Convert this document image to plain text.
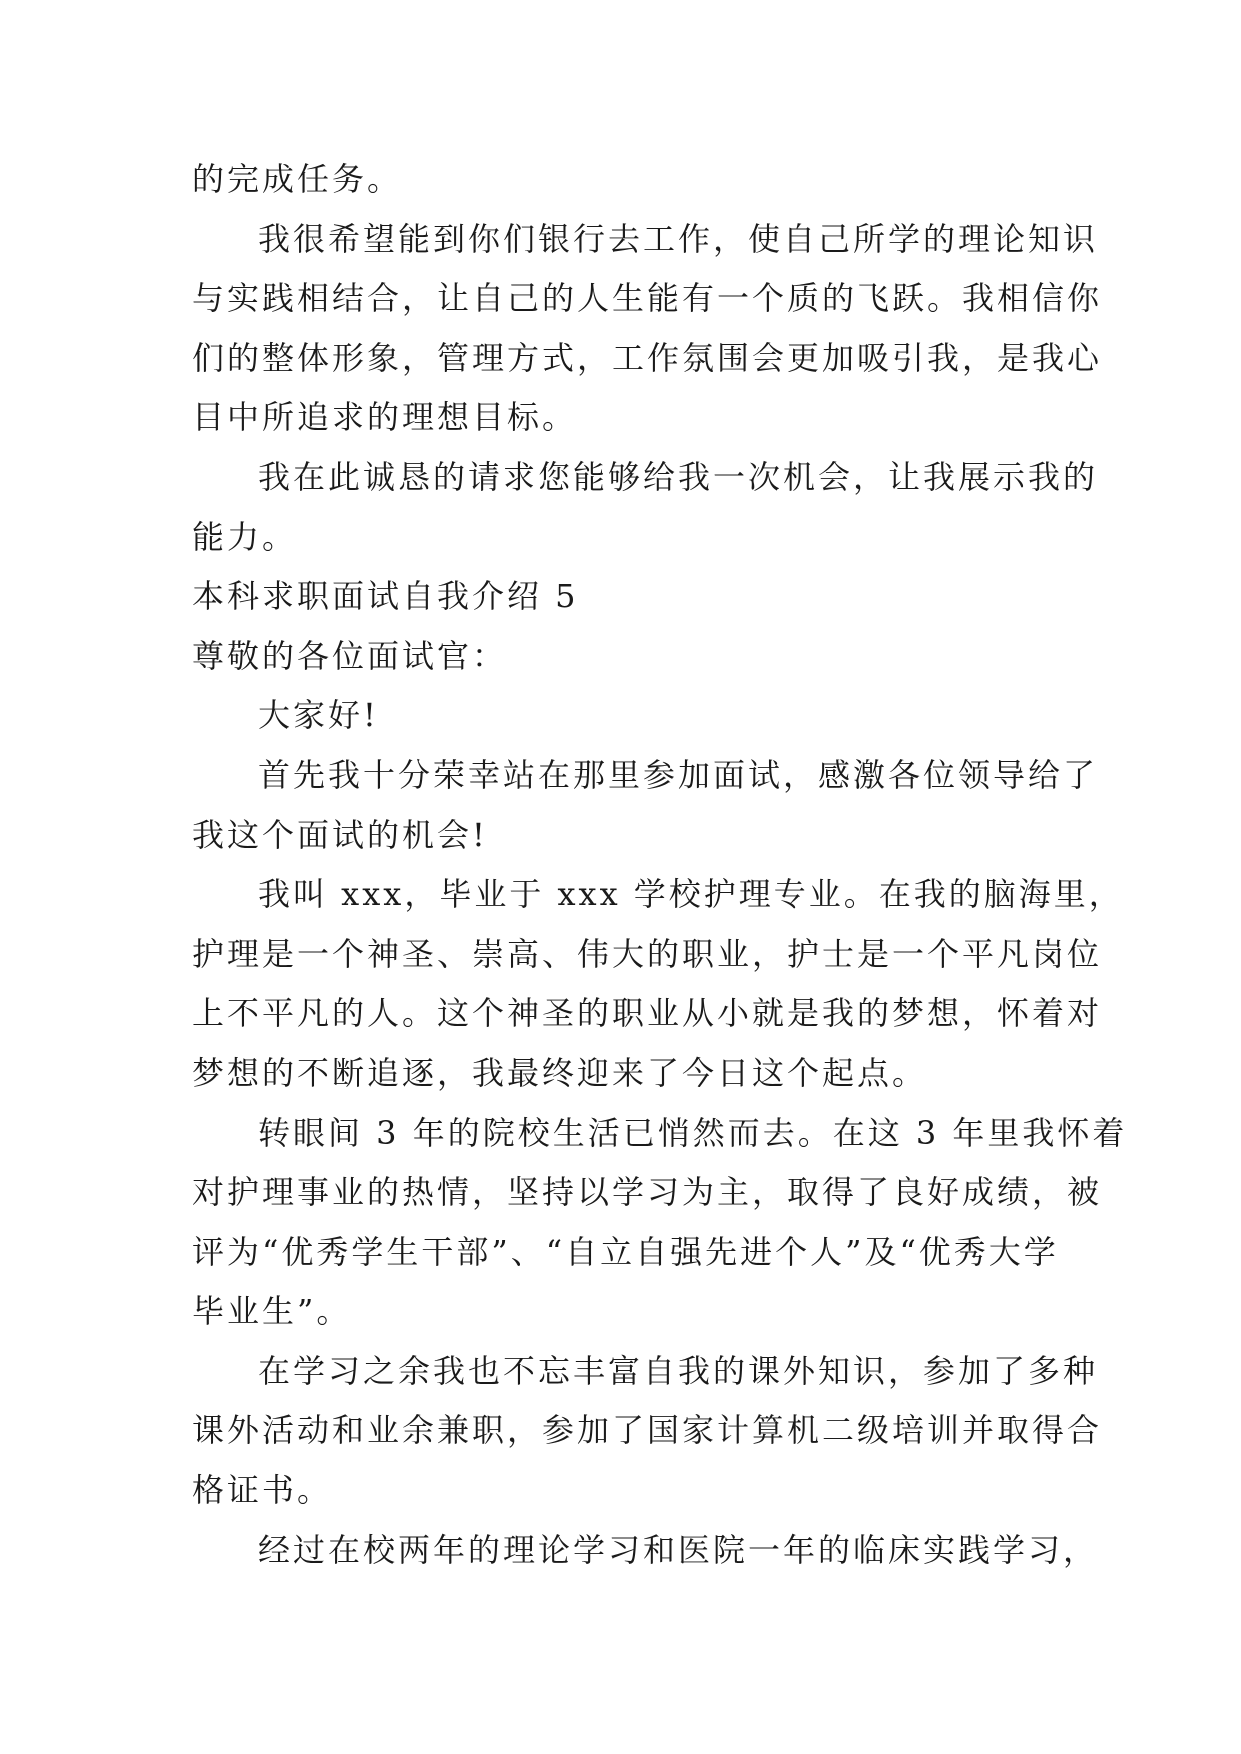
的完成任务。
我很希望能到你们银行去工作，使自己所学的理论知识
与实践相结合，让自己的人生能有一个质的飞跃。我相信你
们的整体形象，管理方式，工作氛围会更加吸引我，是我心
目中所追求的理想目标。
我在此诚恳的请求您能够给我一次机会，让我展示我的
能力。
本科求职面试自我介绍 5
尊敬的各位面试官：
大家好!
首先我十分荣幸站在那里参加面试，感激各位领导给了
我这个面试的机会!
我叫 xxx，毕业于 xxx 学校护理专业。在我的脑海里，
护理是一个神圣、崇高、伟大的职业，护士是一个平凡岗位
上不平凡的人。这个神圣的职业从小就是我的梦想，怀着对
梦想的不断追逐，我最终迎来了今日这个起点。
转眼间 3 年的院校生活已悄然而去。在这 3 年里我怀着
对护理事业的热情，坚持以学习为主，取得了良好成绩，被
评为“优秀学生干部”、“自立自强先进个人”及“优秀大学
毕业生”。
在学习之余我也不忘丰富自我的课外知识，参加了多种
课外活动和业余兼职，参加了国家计算机二级培训并取得合
格证书。
经过在校两年的理论学习和医院一年的临床实践学习，
